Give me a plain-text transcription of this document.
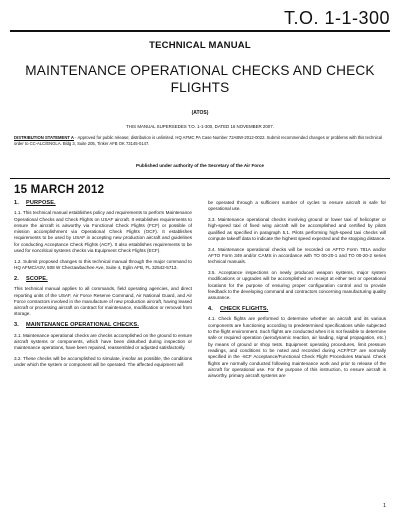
T.O. 1-1-300
TECHNICAL MANUAL
MAINTENANCE OPERATIONAL CHECKS AND CHECK FLIGHTS
(ATOS)
THIS MANUAL SUPERSEDES T.O. 1-1-300, DATED 16 NOVEMBER 2007.
DISTRIBUTION STATEMENT A - Approved for public release; distribution is unlimited. HQ AFMC PA Case Number 72ABW-2012-0022. Submit recommended changes or problems with this technical order to CC-ALC/ENGLA. Bldg 3, Suite 205, Tinker AFB OK 73145-0147.
Published under authority of the Secretary of the Air Force
15 MARCH 2012
1. PURPOSE.

1.1. This technical manual establishes policy and requirements to perform Maintenance Operational Checks and Check Flights on USAF aircraft. It establishes requirements to ensure the aircraft is airworthy via Functional Check Flights (FCF) or possible of mission accomplishment via Operational Check Flights (OCF). It establishes requirements to be used by USAF in accepting new production aircraft and guidelines for conducting Acceptance Check Flights (ACF). It also establishes requirements to be used for noncritical systems checks via Equipment Check Flights (ECF).

1.2. Submit proposed changes to this technical manual through the major command to HQ AFMC/A3V, 508 W Chectawbachee Ave, Suite 4, Eglin AFB, FL 32542-5713.

2. SCOPE.

This technical manual applies to all commands, field operating agencies, and direct reporting units of the USAF, Air Force Reserve Command, Air National Guard, and Air Force contractors involved in the manufacture of new production aircraft, having leased aircraft or processing aircraft on contract for maintenance, modification or removal from storage.

3. MAINTENANCE OPERATIONAL CHECKS.

3.1. Maintenance operational checks are checks accomplished on the ground to ensure aircraft systems or components, which have been disturbed during inspection or maintenance operations, have been repaired, reassembled or adjusted satisfactorily.

3.2. These checks will be accomplished to simulate, insofar as possible, the conditions under which the system or component will be operated. The affected equipment will

be operated through a sufficient number of cycles to ensure aircraft is safe for operational use.

3.3. Maintenance operational checks involving ground or lower taxi of helicopter or high-speed taxi of fixed wing aircraft will be accomplished and certified by pilots qualified as specified in paragraph 5.1. Pilots performing high-speed taxi checks will compute takeoff data to indicate the highest speed expected and the stopping distance.

3.4. Maintenance operational checks will be recorded on AFTO Form 781A and/or AFTO Form 349 and/or CAMS in accordance with TO 00-20-1 and TO 00-20-2 series technical manuals.

3.5. Acceptance inspections on newly produced weapon systems, major system modifications or upgrades will be accomplished on receipt at either test or operational locations for the purpose of ensuring proper configuration control and to provide feedback to the developing command and contractors concerning manufacturing quality assurance.

4. CHECK FLIGHTS.

4.1. Check flights are performed to determine whether an aircraft and its various components are functioning according to predetermined specifications while subjected to the flight environment. Such flights are conducted when it is not feasible to determine safe or required operation (aerodynamic reaction, air loading, signal propagation, etc.) by means of ground or shop tests. Equipment operating procedures, limit pressure readings, and conditions to be noted and recorded during ACF/FCF are normally specified in the -6CF Acceptance/Functional Check Flight Procedures Manual. Check flights are normally conducted following maintenance work and prior to release of the aircraft for operational use. For the purpose of this instruction, to ensure aircraft is airworthy, primary aircraft systems are

1
